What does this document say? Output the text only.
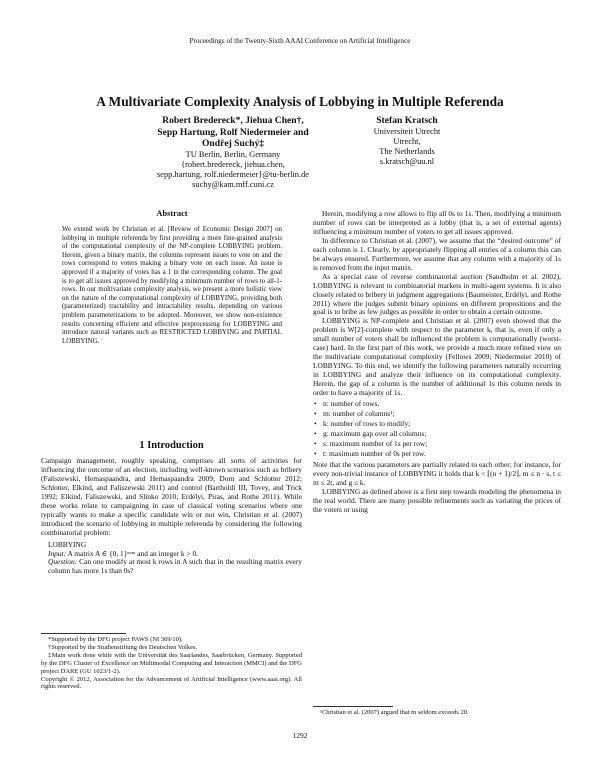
Proceedings of the Twenty-Sixth AAAI Conference on Artificial Intelligence
A Multivariate Complexity Analysis of Lobbying in Multiple Referenda
Robert Bredereck*, Jiehua Chen†,
Sepp Hartung, Rolf Niedermeier and
Ondřej Suchý‡
TU Berlin, Berlin, Germany
{robert.bredereck, jiehua.chen,
sepp.hartung, rolf.niedermeier}@tu-berlin.de
suchy@kam.mff.cuni.cz
Stefan Kratsch
Universiteit Utrecht
Utrecht,
The Netherlands
s.kratsch@uu.nl
Abstract
We extend work by Christian et al. [Review of Economic Design 2007] on lobbying in multiple referenda by first providing a more fine-grained analysis of the computational complexity of the NP-complete LOBBYING problem. Herein, given a binary matrix, the columns represent issues to vote on and the rows correspond to voters making a binary vote on each issue. An issue is approved if a majority of votes has a 1 in the corresponding column. The goal is to get all issues approved by modifying a minimum number of rows to all-1-rows. In our multivariate complexity analysis, we present a more holistic view on the nature of the computational complexity of LOBBYING, providing both (parameterized) tractability and intractability results, depending on various problem parameterizations to be adopted. Moreover, we show non-existence results concerning efficient and effective preprocessing for LOBBYING and introduce natural variants such as RESTRICTED LOBBYING and PARTIAL LOBBYING.
1 Introduction

Campaign management, roughly speaking, comprises all sorts of activities for influencing the outcome of an election, including well-known scenarios such as bribery (Faliszewski, Hemaspaandra, and Hemaspaandra 2009; Dorn and Schlotter 2012; Schlotter, Elkind, and Faliszewski 2011) and control (Bartholdi III, Tovey, and Trick 1992; Elkind, Faliszewski, and Slinko 2010; Erdélyi, Piras, and Rothe 2011). While these works relate to campaigning in case of classical voting scenarios where one typically wants to make a specific candidate win or not win, Christian et al. (2007) introduced the scenario of lobbying in multiple referenda by considering the following combinatorial problem:

LOBBYING
Input: A matrix A ∈ {0, 1}ⁿˣᵐ and an integer k > 0.
Question: Can one modify at most k rows in A such that in the resulting matrix every column has more 1s than 0s?

*Supported by the DFG project PAWS (NI 369/10).

†Supported by the Studienstiftung des Deutschen Volkes.

‡Main work done while with the Universität des Saarlandes, Saarbrücken, Germany. Supported by the DFG Cluster of Excellence on Multimodal Computing and Interaction (MMCI) and the DFG project DARE (GU 1023/1-2).

Copyright © 2012, Association for the Advancement of Artificial Intelligence (www.aaai.org). All rights reserved.

Herein, modifying a row allows to flip all 0s to 1s. Then, modifying a minimum number of rows can be interpreted as a lobby (that is, a set of external agents) influencing a minimum number of voters to get all issues approved.

In difference to Christian et al. (2007), we assume that the “desired outcome” of each column is 1. Clearly, by appropriately flipping all entries of a column this can be always ensured. Furthermore, we assume that any column with a majority of 1s is removed from the input matrix.

As a special case of reverse combinatorial auction (Sandholm et al. 2002), LOBBYING is relevant to combinatorial markets in multi-agent systems. It is also closely related to bribery in judgment aggregations (Baumeister, Erdélyi, and Rothe 2011) where the judges submit binary opinions on different propositions and the goal is to bribe as few judges as possible in order to obtain a certain outcome.

LOBBYING is NP-complete and Christian et al. (2007) even showed that the problem is W[2]-complete with respect to the parameter k, that is, even if only a small number of voters shall be influenced the problem is computationally (worst-case) hard. In the first part of this work, we provide a much more refined view on the multivariate computational complexity (Fellows 2009; Niedermeier 2010) of LOBBYING. To this end, we identify the following parameters naturally occurring in LOBBYING and analyze their influence on its computational complexity. Herein, the gap of a column is the number of additional 1s this column needs in order to have a majority of 1s.

• n: number of rows,
• m: number of columns¹;
• k: number of rows to modify;
• g: maximum gap over all columns;
• s: maximum number of 1s per row;
• t: maximum number of 0s per row.

Note that the various parameters are partially related to each other; for instance, for every non-trivial instance of LOBBYING it holds that k < ⌈(n + 1)/2⌉, m ≤ n · s, t ≤ m ≤ 2t, and g ≤ k.

LOBBYING as defined above is a first step towards modeling the phenomena in the real world. There are many possible refinements such as variating the prices of the voters or using

¹Christian et al. (2007) argued that m seldom exceeds 20.

1292
